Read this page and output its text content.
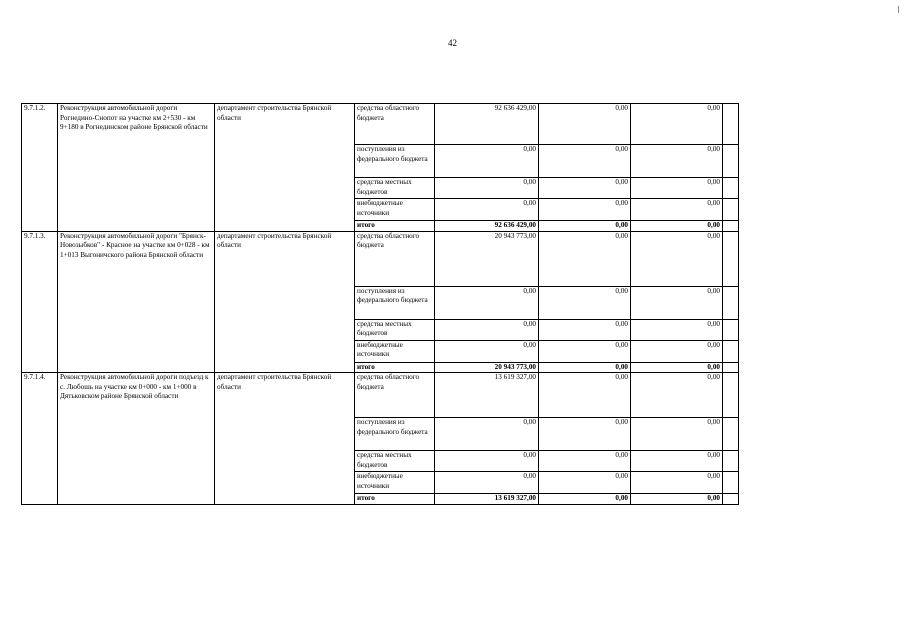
42
9.7.1.2.	Реконструкция автомобильной дороги Рогнедино-Снопот на участке км 2+530 - км 9+180 в Рогнединском районе Брянской области	департамент строительства Брянской области	средства областного бюджета	92 636 429,00	0,00	0,00	
			поступления из федерального бюджета	0,00	0,00	0,00	
			средства местных бюджетов	0,00	0,00	0,00	
			внебюджетные источники	0,00	0,00	0,00	
			итого	92 636 429,00	0,00	0,00	
9.7.1.3.	Реконструкция автомобильной дороги "Брянск-Новозыбков" - Красное на участке км 0+028 - км 1+013 Выгоничского района Брянской области	департамент строительства Брянской области	средства областного бюджета	20 943 773,00	0,00	0,00	
			поступления из федерального бюджета	0,00	0,00	0,00	
			средства местных бюджетов	0,00	0,00	0,00	
			внебюджетные источники	0,00	0,00	0,00	
			итого	20 943 773,00	0,00	0,00	
9.7.1.4.	Реконструкция автомобильной дороги подъезд к с. Любошь на участке км 0+000 - км 1+000 в Дятьковском районе Брянской области	департамент строительства Брянской области	средства областного бюджета	13 619 327,00	0,00	0,00	
			поступления из федерального бюджета	0,00	0,00	0,00	
			средства местных бюджетов	0,00	0,00	0,00	
			внебюджетные источники	0,00	0,00	0,00	
			итого	13 619 327,00	0,00	0,00	
